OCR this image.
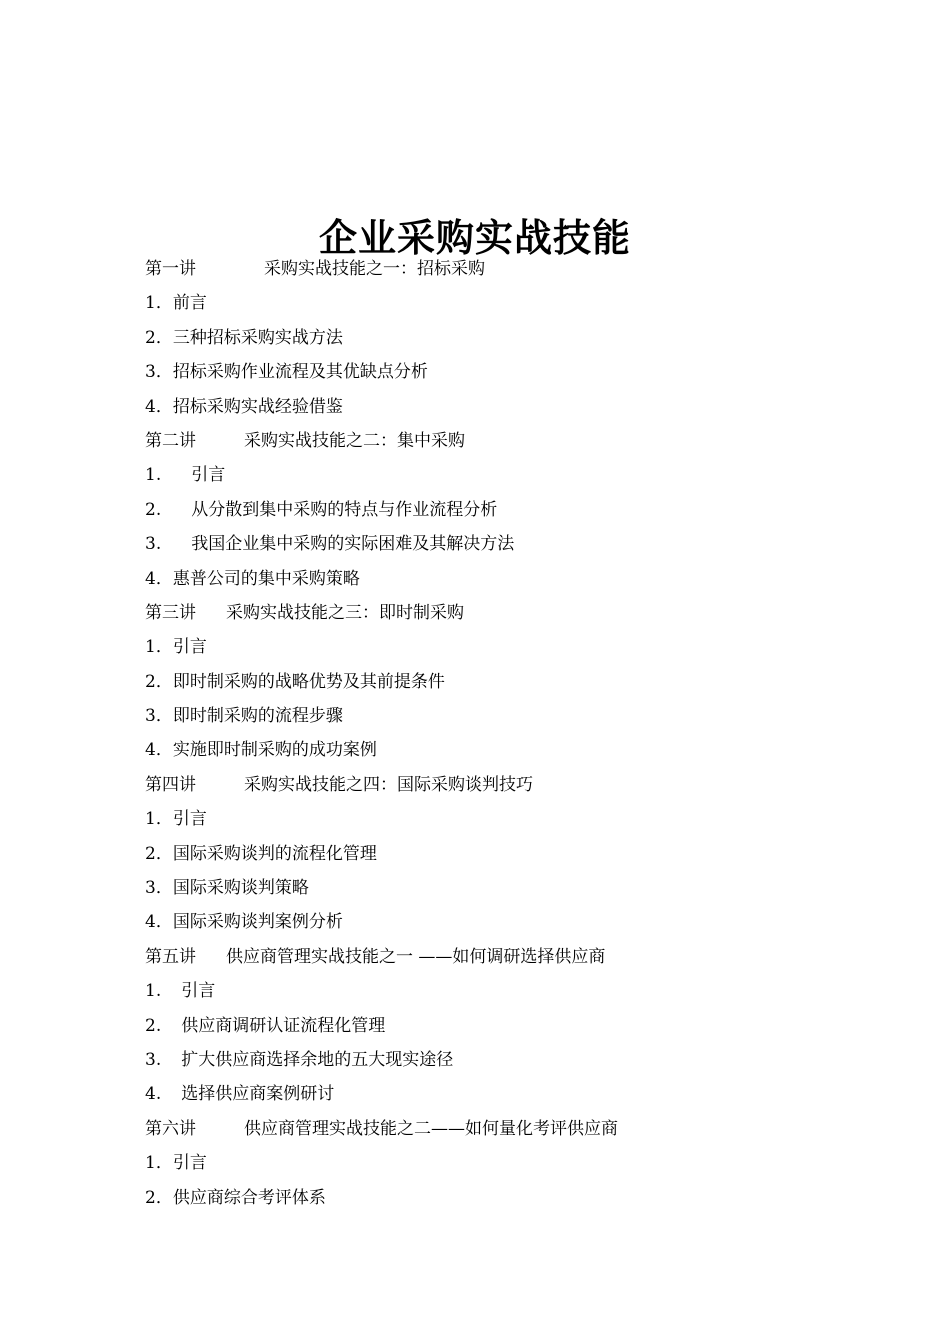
企业采购实战技能
第一讲	采购实战技能之一：招标采购
1．前言
2．三种招标采购实战方法
3．招标采购作业流程及其优缺点分析
4．招标采购实战经验借鉴
第二讲	采购实战技能之二：集中采购
1. 引言
2. 从分散到集中采购的特点与作业流程分析
3. 我国企业集中采购的实际困难及其解决方法
4．惠普公司的集中采购策略
第三讲 采购实战技能之三：即时制采购
1．引言
2．即时制采购的战略优势及其前提条件
3．即时制采购的流程步骤
4．实施即时制采购的成功案例
第四讲	采购实战技能之四：国际采购谈判技巧
1．引言
2．国际采购谈判的流程化管理
3．国际采购谈判策略
4．国际采购谈判案例分析
第五讲 供应商管理实战技能之一 ——如何调研选择供应商
1. 引言
2. 供应商调研认证流程化管理
3. 扩大供应商选择余地的五大现实途径
4. 选择供应商案例研讨
第六讲	供应商管理实战技能之二——如何量化考评供应商
1．引言
2．供应商综合考评体系
